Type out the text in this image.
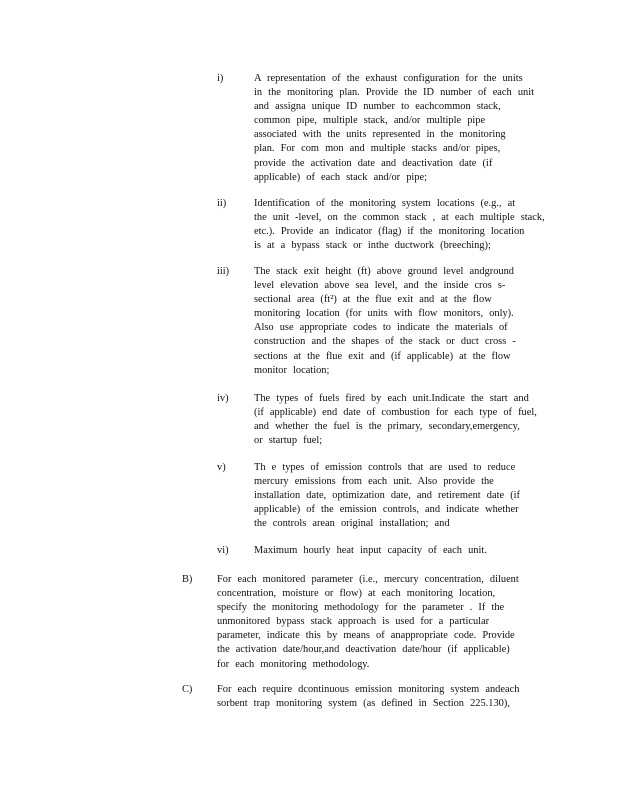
i)	A representation of the exhaust configuration for the units
in the monitoring plan. Provide the ID number of each unit
and assigna unique ID number to eachcommon stack,
common pipe, multiple stack, and/or multiple pipe
associated with the units represented in the monitoring
plan. For com mon and multiple stacks and/or pipes,
provide the activation date and deactivation date (if
applicable) of each stack and/or pipe;
ii)	Identification of the monitoring system locations (e.g., at
the unit -level, on the common stack , at each multiple stack,
etc.). Provide an indicator (flag) if the monitoring location
is at a bypass stack or inthe ductwork (breeching);
iii) The stack exit height (ft) above ground level andground
level elevation above sea level, and the inside cros s-
sectional area (ft²) at the flue exit and at the flow
monitoring location (for units with flow monitors, only).
Also use appropriate codes to indicate the materials of
construction and the shapes of the stack or duct cross -
sections at the flue exit and (if applicable) at the flow
monitor location;
iv) The types of fuels fired by each unit.Indicate the start and
(if applicable) end date of combustion for each type of fuel,
and whether the fuel is the primary, secondary,emergency,
or startup fuel;
v)	Th e types of emission controls that are used to reduce
mercury emissions from each unit. Also provide the
installation date, optimization date, and retirement date (if
applicable) of the emission controls, and indicate whether
the controls arean original installation; and
vi) Maximum hourly heat input capacity of each unit.
B) For each monitored parameter (i.e., mercury concentration, diluent
concentration, moisture or flow) at each monitoring location,
specify the monitoring methodology for the parameter . If the
unmonitored bypass stack approach is used for a particular
parameter, indicate this by means of anappropriate code. Provide
the activation date/hour,and deactivation date/hour (if applicable)
for each monitoring methodology.
C) For each require dcontinuous emission monitoring system andeach
sorbent trap monitoring system (as defined in Section 225.130),
